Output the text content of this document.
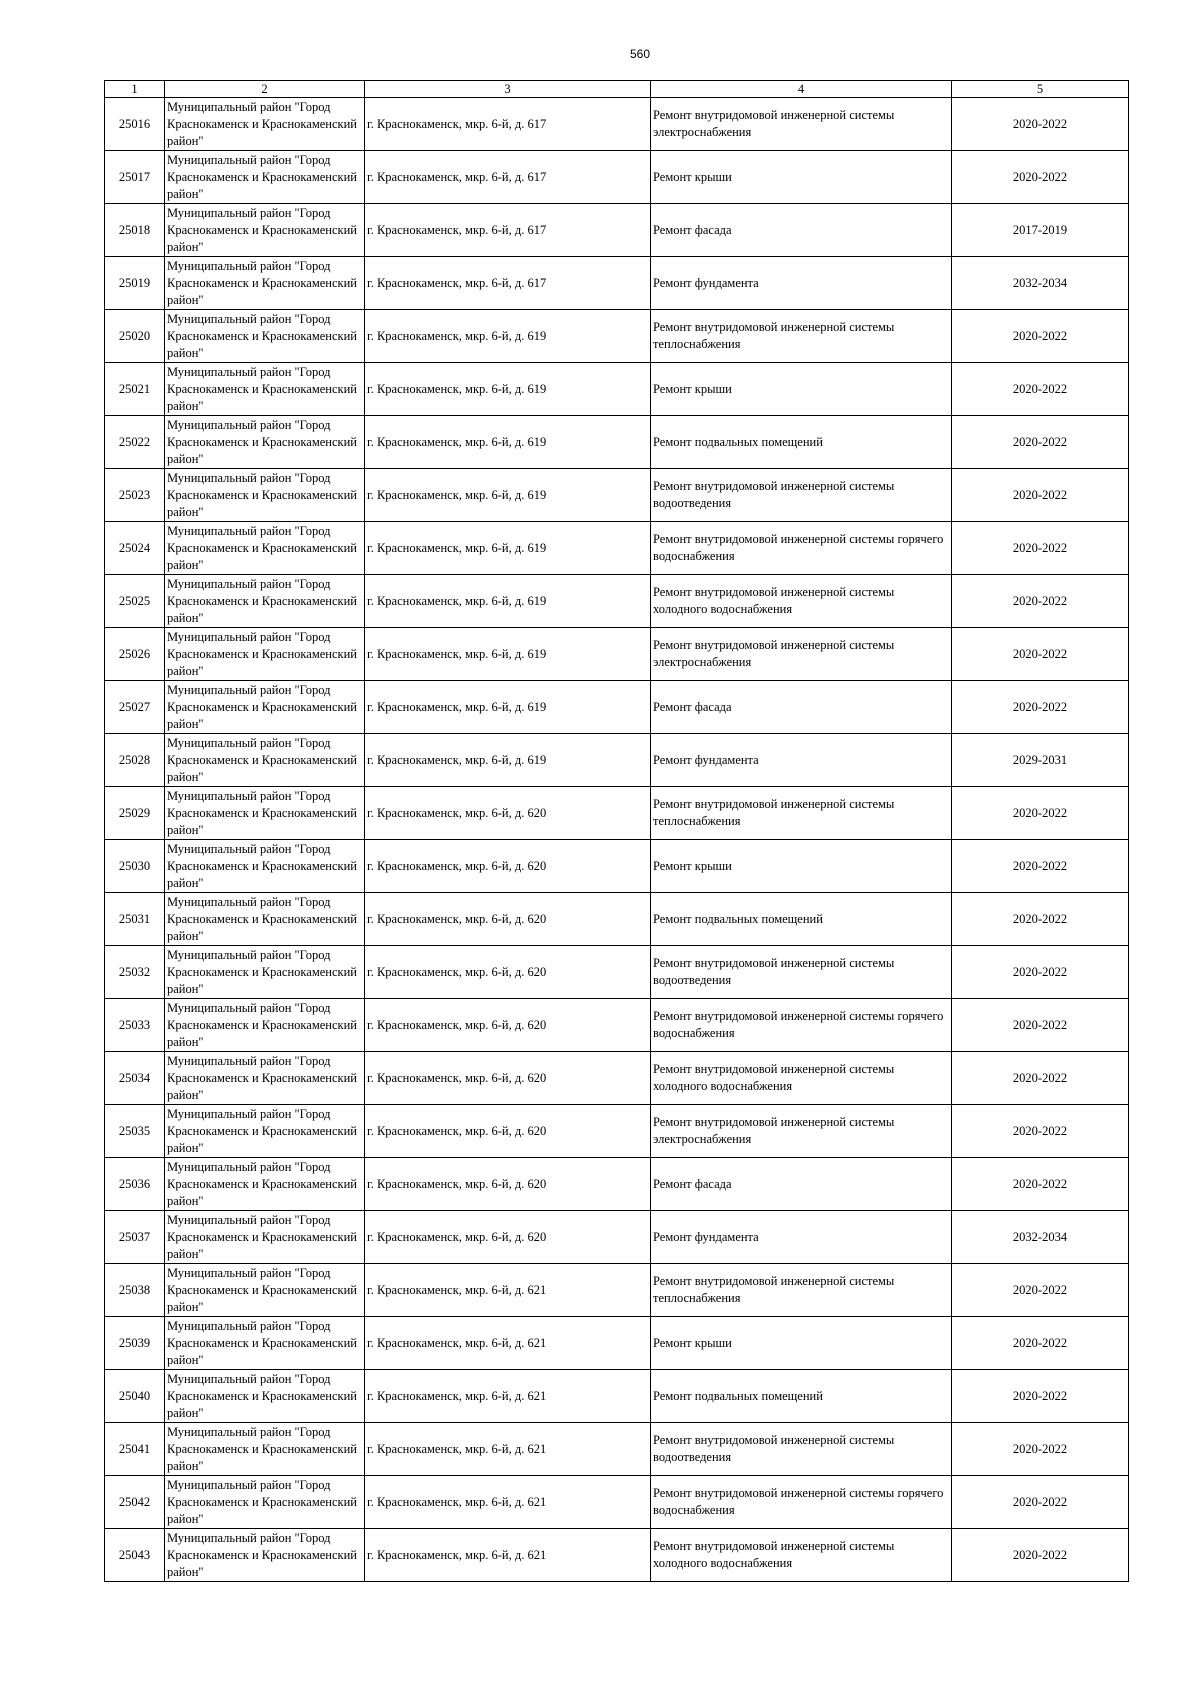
560
1	2	3	4	5
25016	Муниципальный район "Город Краснокаменск и Краснокаменский район"	г. Краснокаменск, мкр. 6-й, д. 617	Ремонт внутридомовой инженерной системы электроснабжения	2020-2022
25017	Муниципальный район "Город Краснокаменск и Краснокаменский район"	г. Краснокаменск, мкр. 6-й, д. 617	Ремонт крыши	2020-2022
25018	Муниципальный район "Город Краснокаменск и Краснокаменский район"	г. Краснокаменск, мкр. 6-й, д. 617	Ремонт фасада	2017-2019
25019	Муниципальный район "Город Краснокаменск и Краснокаменский район"	г. Краснокаменск, мкр. 6-й, д. 617	Ремонт фундамента	2032-2034
25020	Муниципальный район "Город Краснокаменск и Краснокаменский район"	г. Краснокаменск, мкр. 6-й, д. 619	Ремонт внутридомовой инженерной системы теплоснабжения	2020-2022
25021	Муниципальный район "Город Краснокаменск и Краснокаменский район"	г. Краснокаменск, мкр. 6-й, д. 619	Ремонт крыши	2020-2022
25022	Муниципальный район "Город Краснокаменск и Краснокаменский район"	г. Краснокаменск, мкр. 6-й, д. 619	Ремонт подвальных помещений	2020-2022
25023	Муниципальный район "Город Краснокаменск и Краснокаменский район"	г. Краснокаменск, мкр. 6-й, д. 619	Ремонт внутридомовой инженерной системы водоотведения	2020-2022
25024	Муниципальный район "Город Краснокаменск и Краснокаменский район"	г. Краснокаменск, мкр. 6-й, д. 619	Ремонт внутридомовой инженерной системы горячего водоснабжения	2020-2022
25025	Муниципальный район "Город Краснокаменск и Краснокаменский район"	г. Краснокаменск, мкр. 6-й, д. 619	Ремонт внутридомовой инженерной системы холодного водоснабжения	2020-2022
25026	Муниципальный район "Город Краснокаменск и Краснокаменский район"	г. Краснокаменск, мкр. 6-й, д. 619	Ремонт внутридомовой инженерной системы электроснабжения	2020-2022
25027	Муниципальный район "Город Краснокаменск и Краснокаменский район"	г. Краснокаменск, мкр. 6-й, д. 619	Ремонт фасада	2020-2022
25028	Муниципальный район "Город Краснокаменск и Краснокаменский район"	г. Краснокаменск, мкр. 6-й, д. 619	Ремонт фундамента	2029-2031
25029	Муниципальный район "Город Краснокаменск и Краснокаменский район"	г. Краснокаменск, мкр. 6-й, д. 620	Ремонт внутридомовой инженерной системы теплоснабжения	2020-2022
25030	Муниципальный район "Город Краснокаменск и Краснокаменский район"	г. Краснокаменск, мкр. 6-й, д. 620	Ремонт крыши	2020-2022
25031	Муниципальный район "Город Краснокаменск и Краснокаменский район"	г. Краснокаменск, мкр. 6-й, д. 620	Ремонт подвальных помещений	2020-2022
25032	Муниципальный район "Город Краснокаменск и Краснокаменский район"	г. Краснокаменск, мкр. 6-й, д. 620	Ремонт внутридомовой инженерной системы водоотведения	2020-2022
25033	Муниципальный район "Город Краснокаменск и Краснокаменский район"	г. Краснокаменск, мкр. 6-й, д. 620	Ремонт внутридомовой инженерной системы горячего водоснабжения	2020-2022
25034	Муниципальный район "Город Краснокаменск и Краснокаменский район"	г. Краснокаменск, мкр. 6-й, д. 620	Ремонт внутридомовой инженерной системы холодного водоснабжения	2020-2022
25035	Муниципальный район "Город Краснокаменск и Краснокаменский район"	г. Краснокаменск, мкр. 6-й, д. 620	Ремонт внутридомовой инженерной системы электроснабжения	2020-2022
25036	Муниципальный район "Город Краснокаменск и Краснокаменский район"	г. Краснокаменск, мкр. 6-й, д. 620	Ремонт фасада	2020-2022
25037	Муниципальный район "Город Краснокаменск и Краснокаменский район"	г. Краснокаменск, мкр. 6-й, д. 620	Ремонт фундамента	2032-2034
25038	Муниципальный район "Город Краснокаменск и Краснокаменский район"	г. Краснокаменск, мкр. 6-й, д. 621	Ремонт внутридомовой инженерной системы теплоснабжения	2020-2022
25039	Муниципальный район "Город Краснокаменск и Краснокаменский район"	г. Краснокаменск, мкр. 6-й, д. 621	Ремонт крыши	2020-2022
25040	Муниципальный район "Город Краснокаменск и Краснокаменский район"	г. Краснокаменск, мкр. 6-й, д. 621	Ремонт подвальных помещений	2020-2022
25041	Муниципальный район "Город Краснокаменск и Краснокаменский район"	г. Краснокаменск, мкр. 6-й, д. 621	Ремонт внутридомовой инженерной системы водоотведения	2020-2022
25042	Муниципальный район "Город Краснокаменск и Краснокаменский район"	г. Краснокаменск, мкр. 6-й, д. 621	Ремонт внутридомовой инженерной системы горячего водоснабжения	2020-2022
25043	Муниципальный район "Город Краснокаменск и Краснокаменский район"	г. Краснокаменск, мкр. 6-й, д. 621	Ремонт внутридомовой инженерной системы холодного водоснабжения	2020-2022
